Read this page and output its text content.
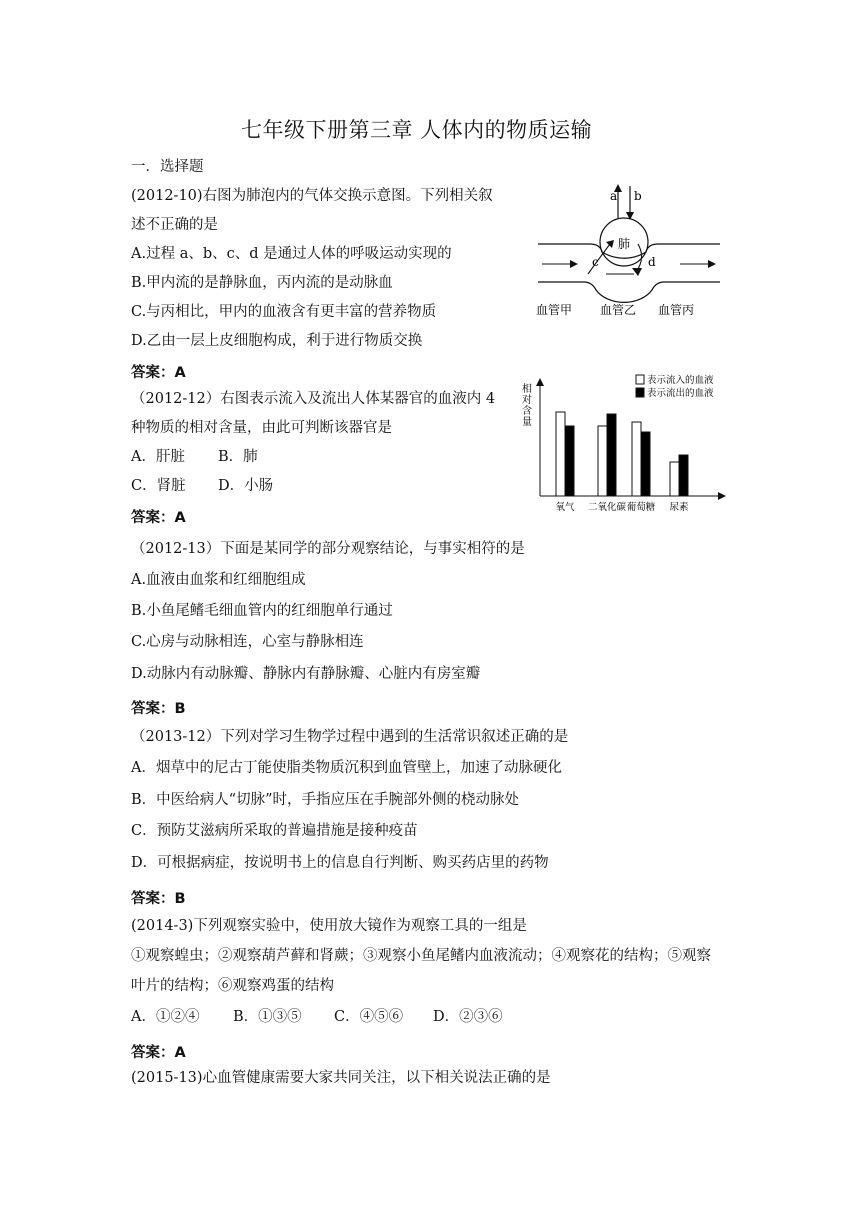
七年级下册第三章 人体内的物质运输
一．选择题
(2012-10)右图为肺泡内的气体交换示意图。下列相关叙
述不正确的是
A.过程 a、b、c、d 是通过人体的呼吸运动实现的
B.甲内流的是静脉血，丙内流的是动脉血
C.与丙相比，甲内的血液含有更丰富的营养物质
D.乙由一层上皮细胞构成，利于进行物质交换
答案：A
肺
a b
c	d
血管甲 血管乙 血管丙
（2012-12）右图表示流入及流出人体某器官的血液内 4
种物质的相对含量，由此可判断该器官是
A．肝脏 B．肺
C．肾脏 D．小肠
答案：A
表示流入的血液
表示流出的血液
相对含量
氧气 二氧化碳 葡萄糖 尿素
（2012-13）下面是某同学的部分观察结论，与事实相符的是
A.血液由血浆和红细胞组成
B.小鱼尾鳍毛细血管内的红细胞单行通过
C.心房与动脉相连，心室与静脉相连
D.动脉内有动脉瓣、静脉内有静脉瓣、心脏内有房室瓣
答案：B
（2013-12）下列对学习生物学过程中遇到的生活常识叙述正确的是
A．烟草中的尼古丁能使脂类物质沉积到血管壁上，加速了动脉硬化
B．中医给病人“切脉”时，手指应压在手腕部外侧的桡动脉处
C．预防艾滋病所采取的普遍措施是接种疫苗
D．可根据病症，按说明书上的信息自行判断、购买药店里的药物
答案：B
(2014-3)下列观察实验中，使用放大镜作为观察工具的一组是
①观察蝗虫；②观察葫芦藓和肾蕨；③观察小鱼尾鳍内血液流动；④观察花的结构；⑤观察
叶片的结构；⑥观察鸡蛋的结构
A．①②④ B．①③⑤ C．④⑤⑥ D．②③⑥
答案：A
(2015-13)心血管健康需要大家共同关注，以下相关说法正确的是
